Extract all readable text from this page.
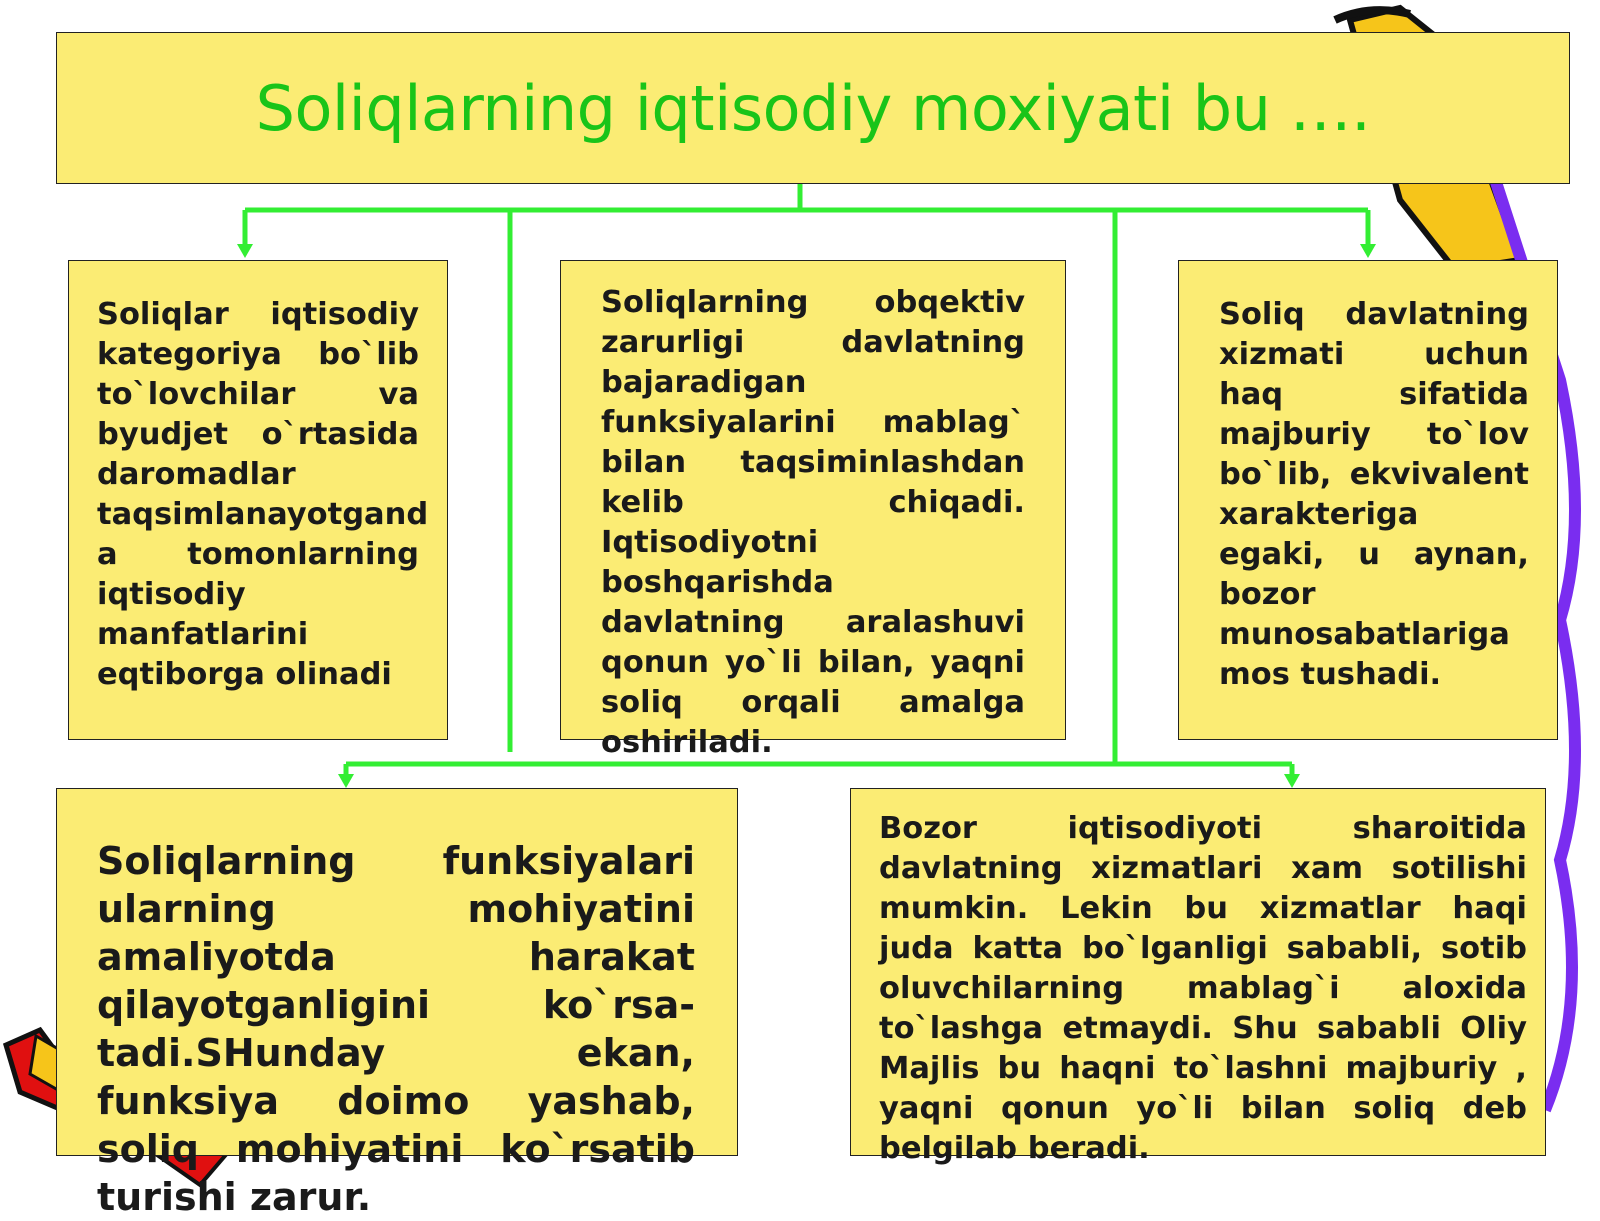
Soliqlarning iqtisodiy moxiyati bu ….
Soliqlar iqtisodiy kategoriya bo`lib to`lovchilar va byudjet o`rtasida daromadlar taqsimlanayotgand a tomonlarning iqtisodiy manfatlarini eqtiborga olinadi
Soliqlarning obqektiv zarurligi davlatning bajaradigan funksiyalarini mablag` bilan taqsiminlashdan kelib chiqadi. Iqtisodiyotni boshqarishda davlatning aralashuvi qonun yo`li bilan, yaqni soliq orqali amalga oshiriladi.
Soliq davlatning xizmati uchun haq sifatida majburiy to`lov bo`lib, ekvivalent xarakteriga egaki, u aynan, bozor munosabatlariga mos tushadi.
Soliqlarning funksiyalari ularning mohiyatini amaliyotda harakat qilayotganligini ko`rsa-tadi.SHunday ekan, funksiya doimo yashab, soliq mohiyatini ko`rsatib turishi zarur.
Bozor iqtisodiyoti sharoitida davlatning xizmatlari xam sotilishi mumkin. Lekin bu xizmatlar haqi juda katta bo`lganligi sababli, sotib oluvchilarning mablag`i aloxida to`lashga etmaydi. Shu sababli Oliy Majlis bu haqni to`lashni majburiy , yaqni qonun yo`li bilan soliq deb belgilab beradi.
